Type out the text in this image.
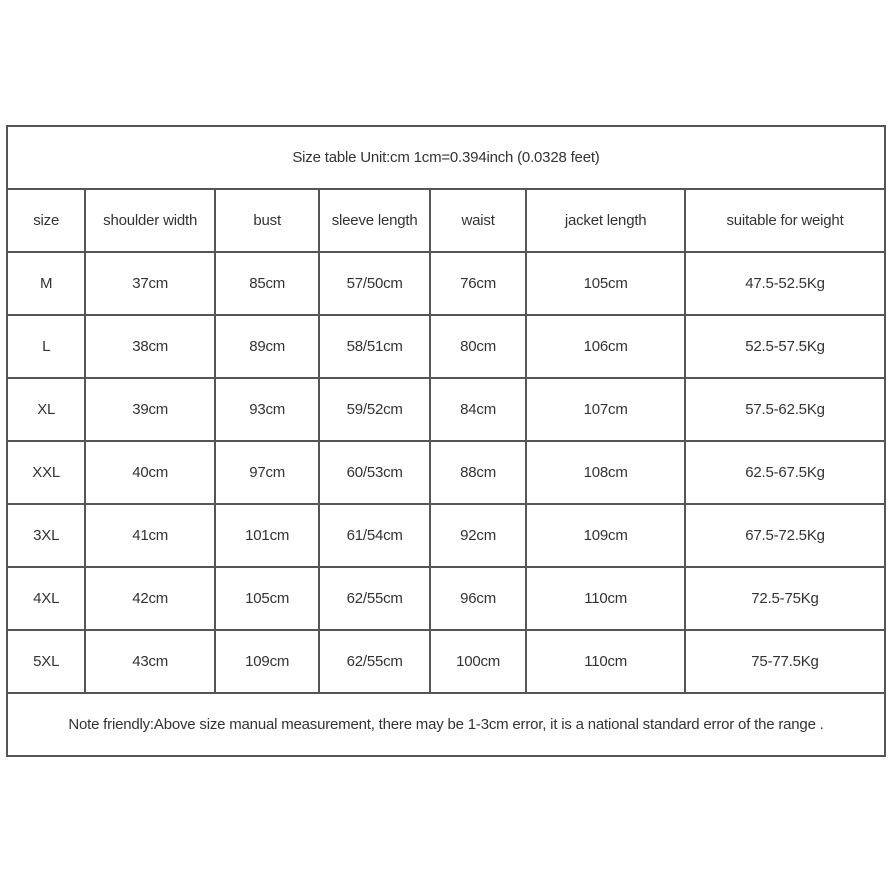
Size table Unit:cm 1cm=0.394inch (0.0328 feet)						
size	shoulder width	bust	sleeve length	waist	jacket length	suitable for weight
M	37cm	85cm	57/50cm	76cm	105cm	47.5-52.5Kg
L	38cm	89cm	58/51cm	80cm	106cm	52.5-57.5Kg
XL	39cm	93cm	59/52cm	84cm	107cm	57.5-62.5Kg
XXL	40cm	97cm	60/53cm	88cm	108cm	62.5-67.5Kg
3XL	41cm	101cm	61/54cm	92cm	109cm	67.5-72.5Kg
4XL	42cm	105cm	62/55cm	96cm	110cm	72.5-75Kg
5XL	43cm	109cm	62/55cm	100cm	110cm	75-77.5Kg
Note friendly:Above size manual measurement, there may be 1-3cm error, it is a national standard error of the range .						
